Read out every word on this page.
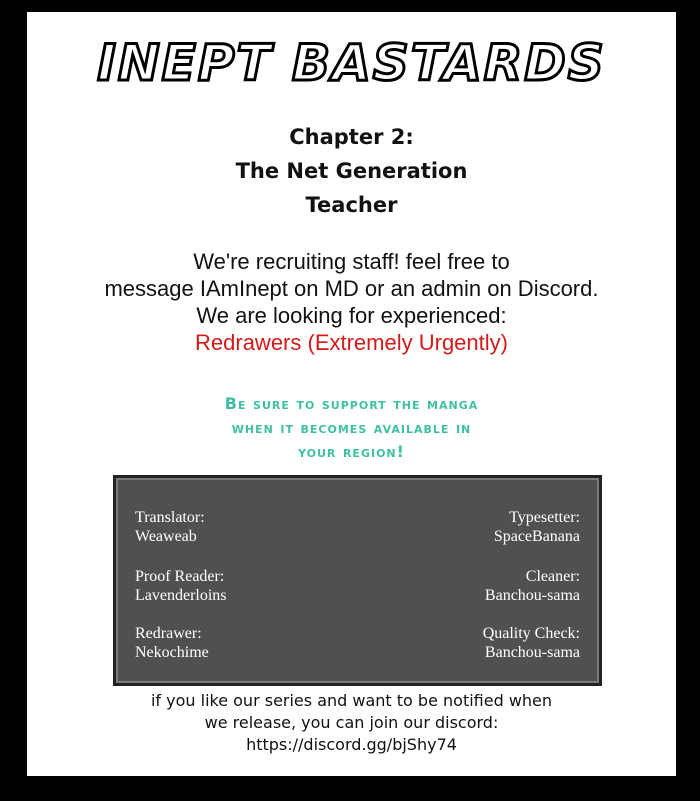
INEPT BASTARDS
Chapter 2:
The Net Generation
Teacher
We're recruiting staff! feel free to
message IAmInept on MD or an admin on Discord.
We are looking for experienced:
Redrawers (Extremely Urgently)
Be sure to support the manga
when it becomes available in
your region!
Translator:
Weaweab
Proof Reader:
Lavenderloins
Redrawer:
Nekochime
Typesetter:
SpaceBanana
Cleaner:
Banchou-sama
Quality Check:
Banchou-sama
if you like our series and want to be notified when
we release, you can join our discord:
https://discord.gg/bjShy74
